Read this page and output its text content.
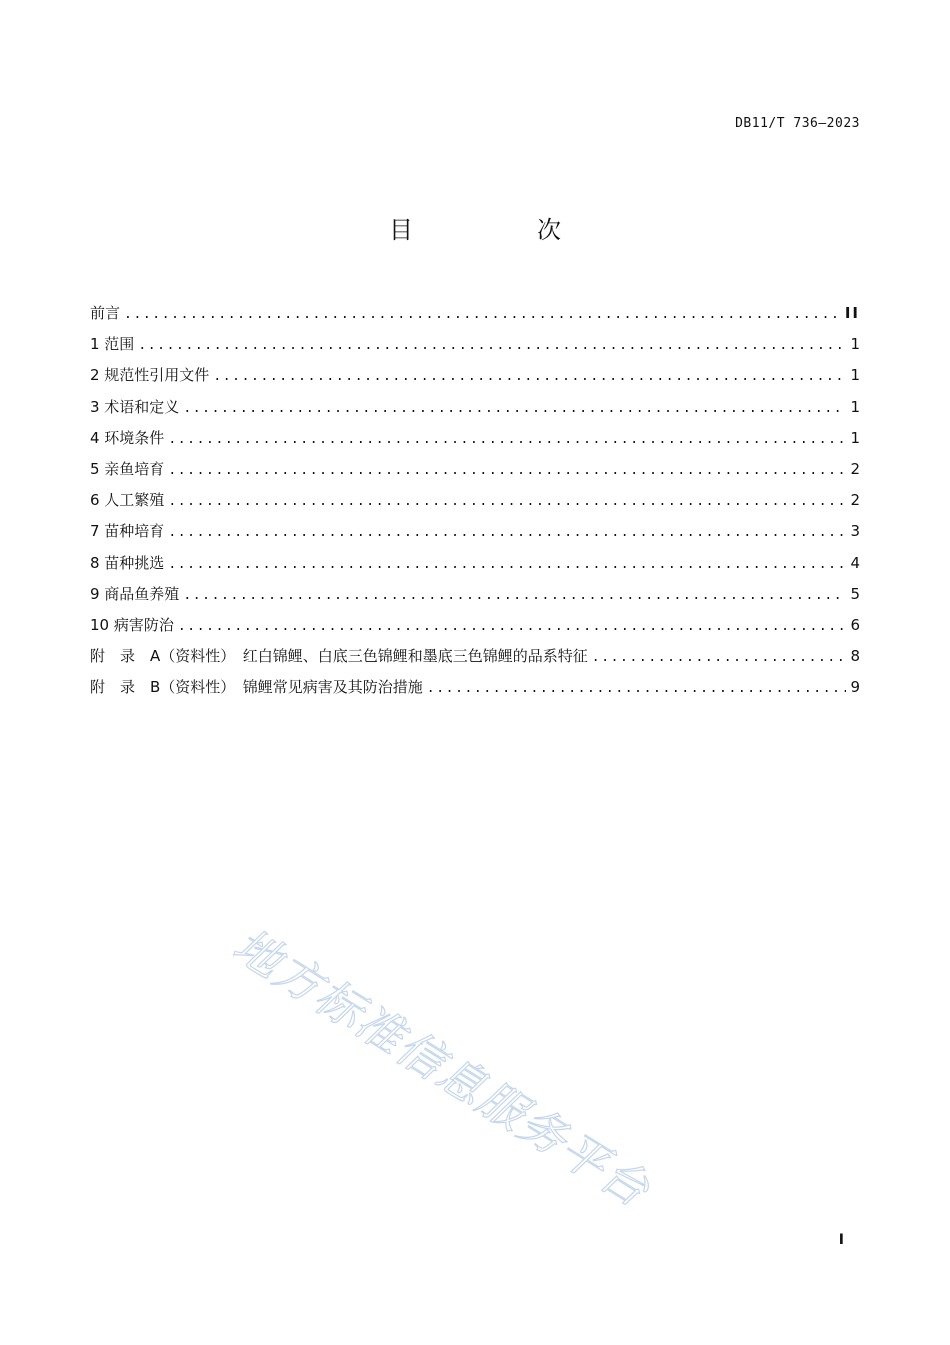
DB11/T 736—2023
目　次
前言 .....	II
1 范围 .....	1
2 规范性引用文件 .....	1
3 术语和定义 .....	1
4 环境条件 .....	1
5 亲鱼培育 .....	2
6 人工繁殖 .....	2
7 苗种培育 .....	3
8 苗种挑选 .....	4
9 商品鱼养殖 .....	5
10 病害防治 .....	6
附　录　A（资料性）　红白锦鲤、白底三色锦鲤和墨底三色锦鲤的品系特征 .....	8
附　录　B（资料性）　锦鲤常见病害及其防治措施 .....	9
地方标准信息服务平台
I
